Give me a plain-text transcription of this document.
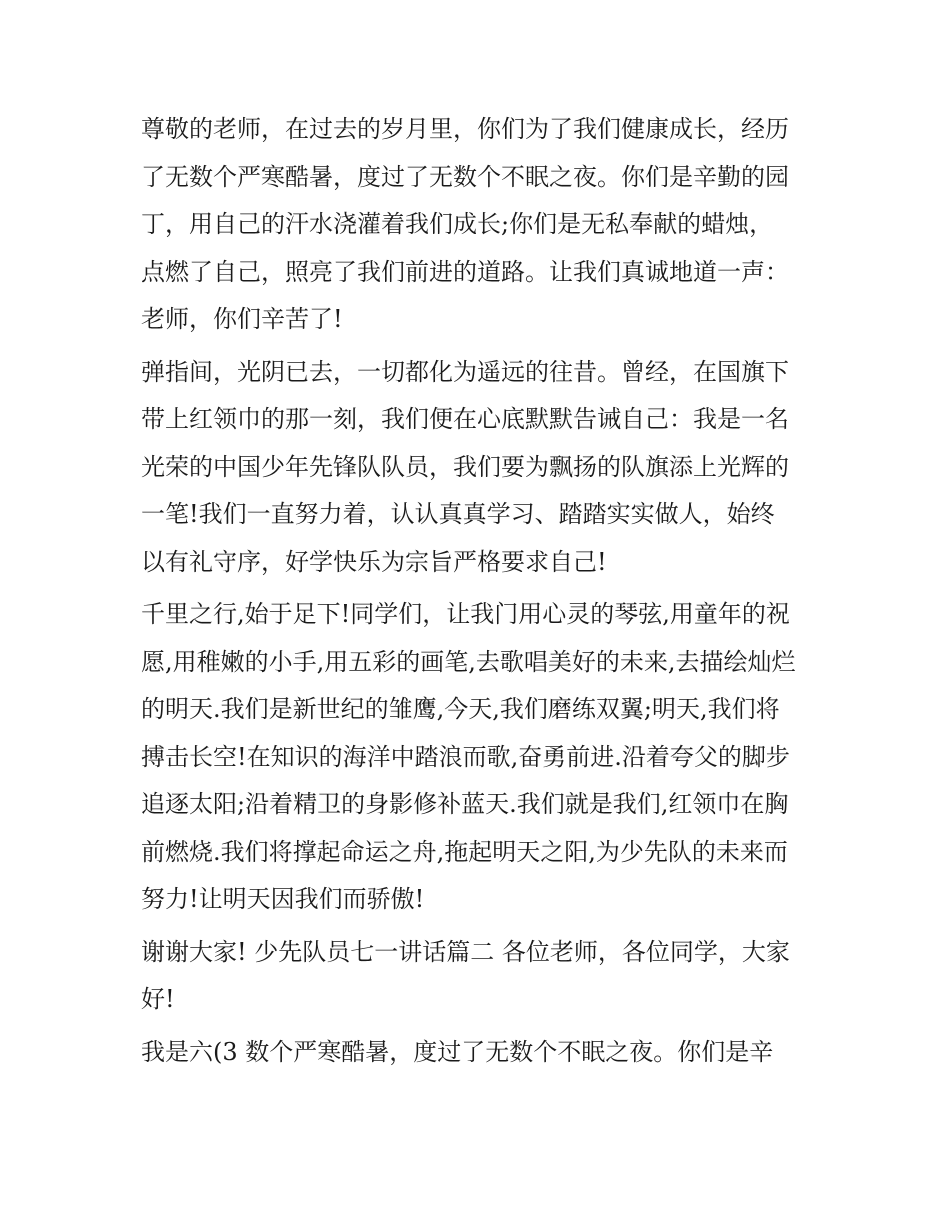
尊敬的老师，在过去的岁月里，你们为了我们健康成长，经历
了无数个严寒酷暑，度过了无数个不眠之夜。你们是辛勤的园
丁，用自己的汗水浇灌着我们成长;你们是无私奉献的蜡烛，
点燃了自己，照亮了我们前进的道路。让我们真诚地道一声：
老师，你们辛苦了!
弹指间，光阴已去，一切都化为遥远的往昔。曾经，在国旗下
带上红领巾的那一刻，我们便在心底默默告诫自己：我是一名
光荣的中国少年先锋队队员，我们要为飘扬的队旗添上光辉的
一笔!我们一直努力着，认认真真学习、踏踏实实做人，始终
以有礼守序，好学快乐为宗旨严格要求自己!
千里之行,始于足下!同学们，让我门用心灵的琴弦,用童年的祝
愿,用稚嫩的小手,用五彩的画笔,去歌唱美好的未来,去描绘灿烂
的明天.我们是新世纪的雏鹰,今天,我们磨练双翼;明天,我们将
搏击长空!在知识的海洋中踏浪而歌,奋勇前进.沿着夸父的脚步
追逐太阳;沿着精卫的身影修补蓝天.我们就是我们,红领巾在胸
前燃烧.我们将撑起命运之舟,拖起明天之阳,为少先队的未来而
努力!让明天因我们而骄傲!
谢谢大家! 少先队员七一讲话篇二 各位老师，各位同学，大家
好!
我是六(3 数个严寒酷暑，度过了无数个不眠之夜。你们是辛
